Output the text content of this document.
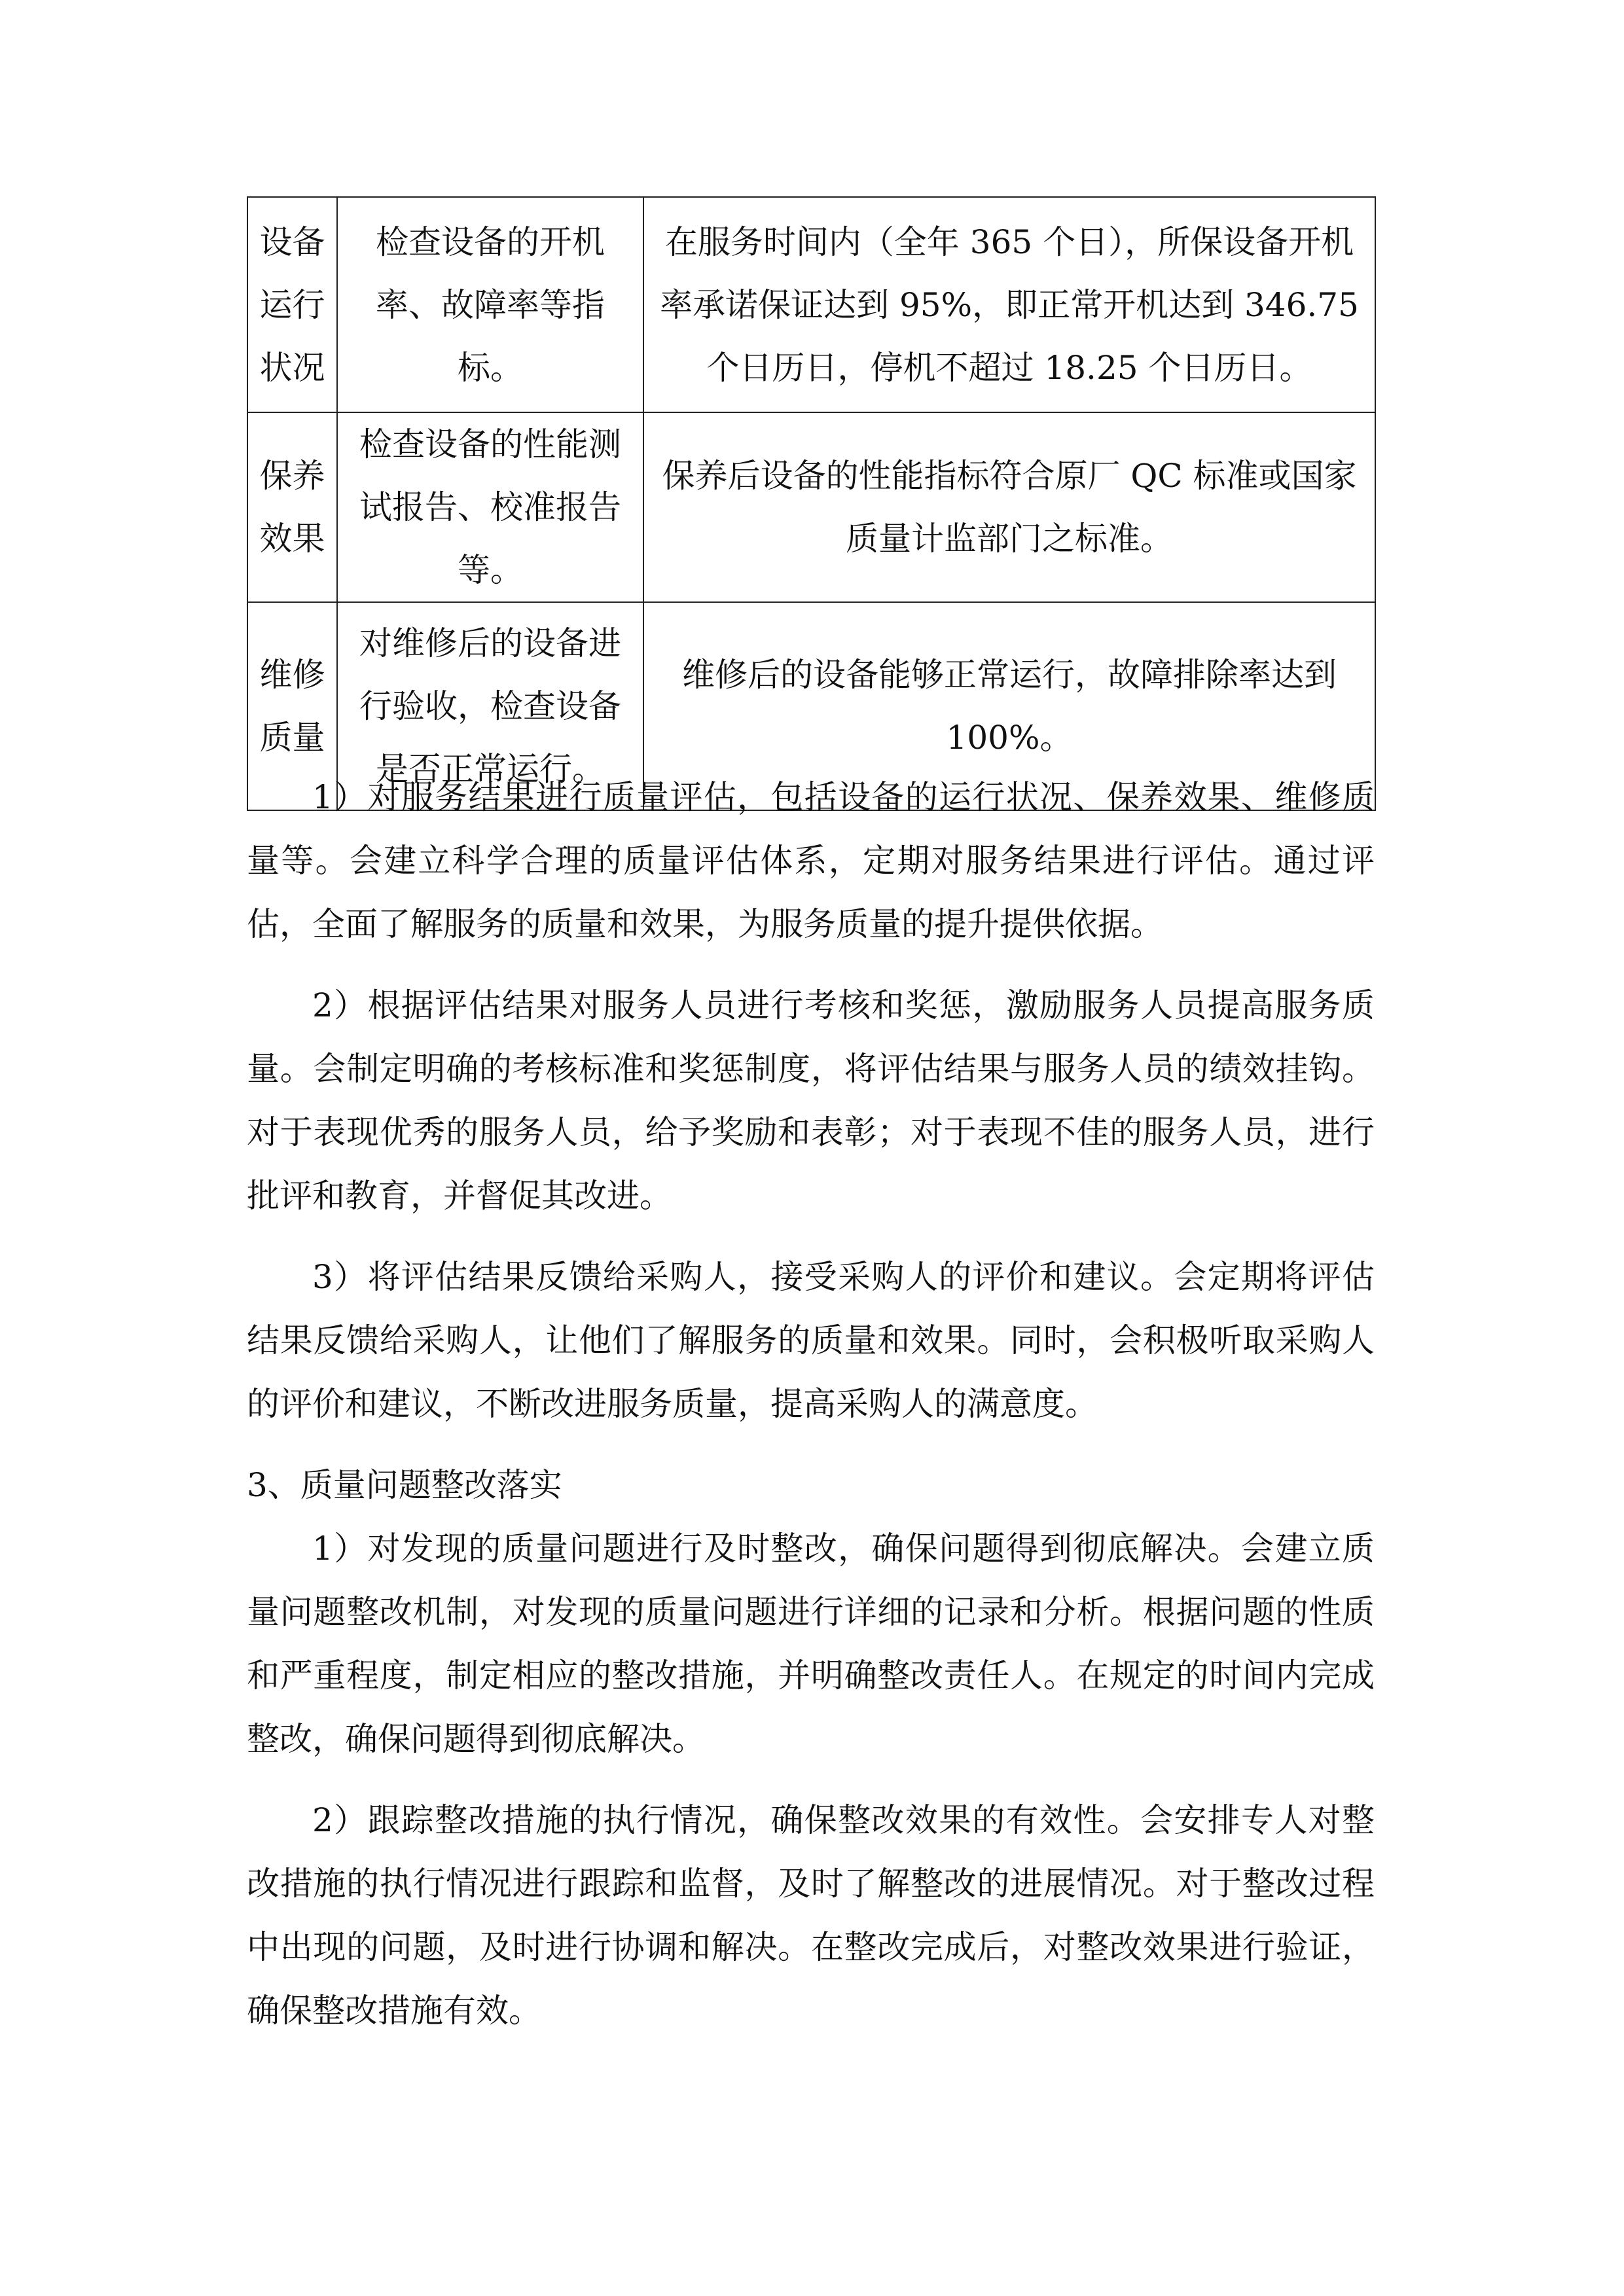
设备运行状况	检查设备的开机率、故障率等指标。	在服务时间内（全年 365 个日），所保设备开机率承诺保证达到 95%，即正常开机达到 346.75 个日历日，停机不超过 18.25 个日历日。

保养效果	检查设备的性能测试报告、校准报告等。	保养后设备的性能指标符合原厂 QC 标准或国家质量计监部门之标准。

维修质量	对维修后的设备进行验收，检查设备是否正常运行。	维修后的设备能够正常运行，故障排除率达到 100%。

1）对服务结果进行质量评估，包括设备的运行状况、保养效果、维修质量等。会建立科学合理的质量评估体系，定期对服务结果进行评估。通过评估，全面了解服务的质量和效果，为服务质量的提升提供依据。

2）根据评估结果对服务人员进行考核和奖惩，激励服务人员提高服务质量。会制定明确的考核标准和奖惩制度，将评估结果与服务人员的绩效挂钩。对于表现优秀的服务人员，给予奖励和表彰；对于表现不佳的服务人员，进行批评和教育，并督促其改进。

3）将评估结果反馈给采购人，接受采购人的评价和建议。会定期将评估结果反馈给采购人，让他们了解服务的质量和效果。同时，会积极听取采购人的评价和建议，不断改进服务质量，提高采购人的满意度。

3、质量问题整改落实

1）对发现的质量问题进行及时整改，确保问题得到彻底解决。会建立质量问题整改机制，对发现的质量问题进行详细的记录和分析。根据问题的性质和严重程度，制定相应的整改措施，并明确整改责任人。在规定的时间内完成整改，确保问题得到彻底解决。

2）跟踪整改措施的执行情况，确保整改效果的有效性。会安排专人对整改措施的执行情况进行跟踪和监督，及时了解整改的进展情况。对于整改过程中出现的问题，及时进行协调和解决。在整改完成后，对整改效果进行验证，确保整改措施有效。
